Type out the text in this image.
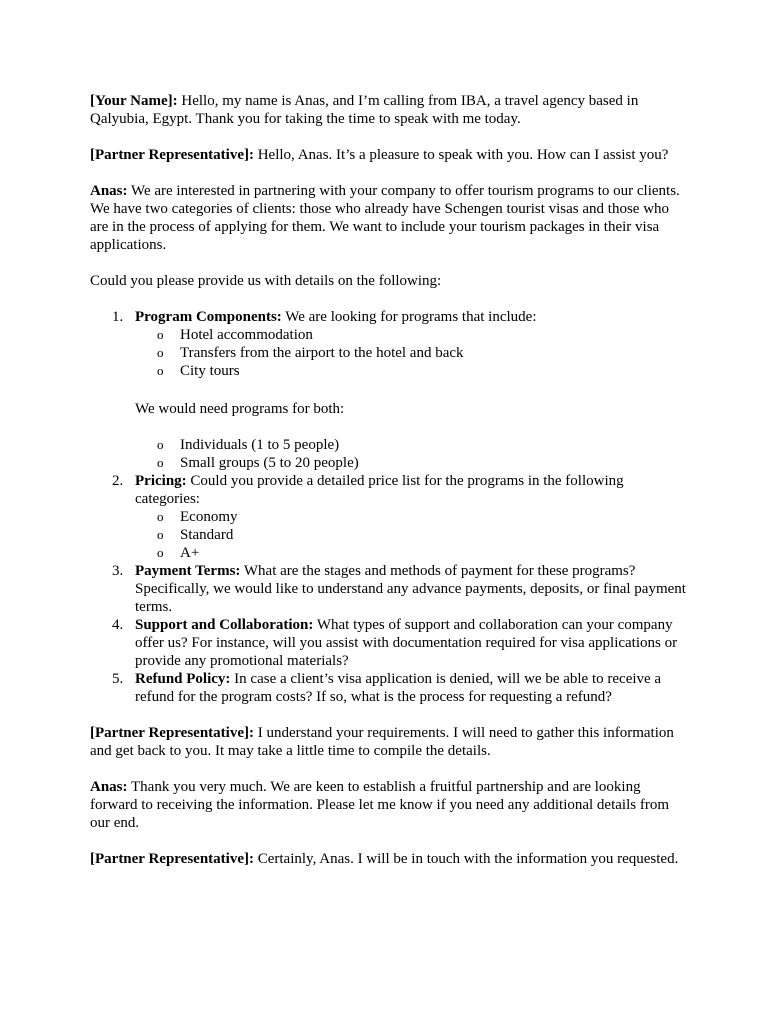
[Your Name]: Hello, my name is Anas, and I’m calling from IBA, a travel agency based in Qalyubia, Egypt. Thank you for taking the time to speak with me today.

[Partner Representative]: Hello, Anas. It’s a pleasure to speak with you. How can I assist you?

Anas: We are interested in partnering with your company to offer tourism programs to our clients. We have two categories of clients: those who already have Schengen tourist visas and those who are in the process of applying for them. We want to include your tourism packages in their visa applications.

Could you please provide us with details on the following:

1. Program Components: We are looking for programs that include:
o Hotel accommodation
o Transfers from the airport to the hotel and back
o City tours
We would need programs for both:
o Individuals (1 to 5 people)
o Small groups (5 to 20 people)
2. Pricing: Could you provide a detailed price list for the programs in the following categories:
o Economy
o Standard
o A+
3. Payment Terms: What are the stages and methods of payment for these programs? Specifically, we would like to understand any advance payments, deposits, or final payment terms.
4. Support and Collaboration: What types of support and collaboration can your company offer us? For instance, will you assist with documentation required for visa applications or provide any promotional materials?
5. Refund Policy: In case a client’s visa application is denied, will we be able to receive a refund for the program costs? If so, what is the process for requesting a refund?

[Partner Representative]: I understand your requirements. I will need to gather this information and get back to you. It may take a little time to compile the details.

Anas: Thank you very much. We are keen to establish a fruitful partnership and are looking forward to receiving the information. Please let me know if you need any additional details from our end.

[Partner Representative]: Certainly, Anas. I will be in touch with the information you requested.
